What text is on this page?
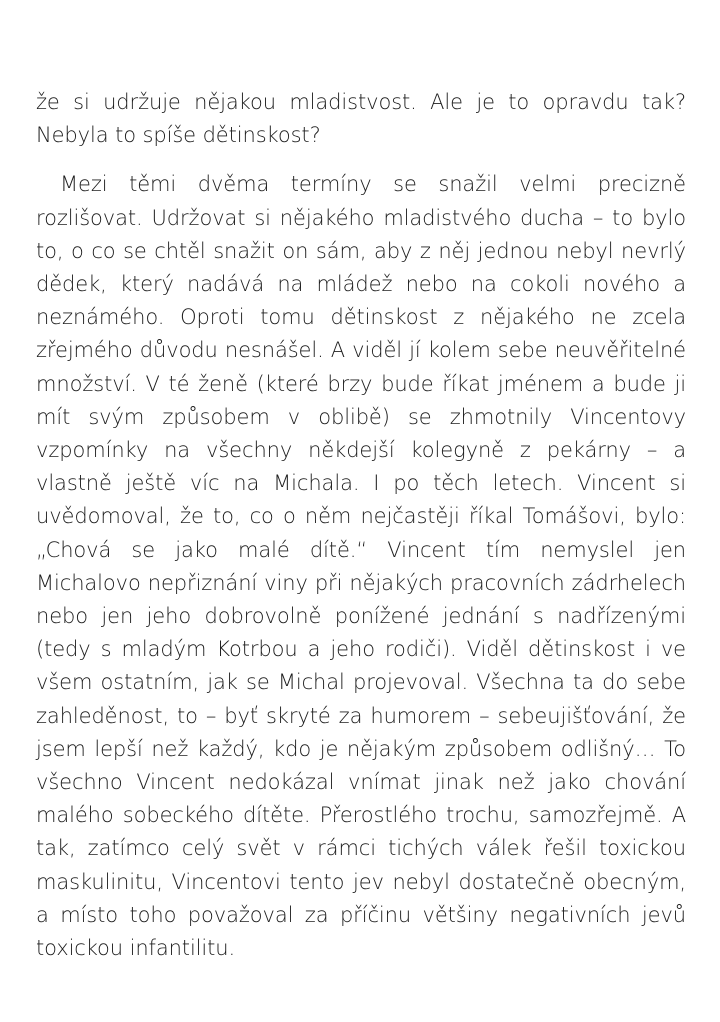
že si udržuje nějakou mladistvost. Ale je to opravdu tak? Nebyla to spíše dětinskost?

Mezi těmi dvěma termíny se snažil velmi precizně rozlišovat. Udržovat si nějakého mladistvého ducha – to bylo to, o co se chtěl snažit on sám, aby z něj jednou nebyl nevrlý dědek, který nadává na mládež nebo na cokoli nového a neznámého. Oproti tomu dětinskost z nějakého ne zcela zřejmého důvodu nesnášel. A viděl jí kolem sebe neuvěřitelné množství. V té ženě (které brzy bude říkat jménem a bude ji mít svým způsobem v oblibě) se zhmotnily Vincentovy vzpomínky na všechny někdejší kolegyně z pekárny – a vlastně ještě víc na Michala. I po těch letech. Vincent si uvědomoval, že to, co o něm nejčastěji říkal Tomášovi, bylo: „Chová se jako malé dítě.“ Vincent tím nemyslel jen Michalovo nepřiznání viny při nějakých pracovních zádrhelech nebo jen jeho dobrovolně ponížené jednání s nadřízenými (tedy s mladým Kotrbou a jeho rodiči). Viděl dětinskost i ve všem ostatním, jak se Michal projevoval. Všechna ta do sebe zahleděnost, to – byť skryté za humorem – sebeujišťování, že jsem lepší než každý, kdo je nějakým způsobem odlišný… To všechno Vincent nedokázal vnímat jinak než jako chování malého sobeckého dítěte. Přerostlého trochu, samozřejmě. A tak, zatímco celý svět v rámci tichých válek řešil toxickou maskulinitu, Vincentovi tento jev nebyl dostatečně obecným, a místo toho považoval za příčinu většiny negativních jevů toxickou infantilitu.
